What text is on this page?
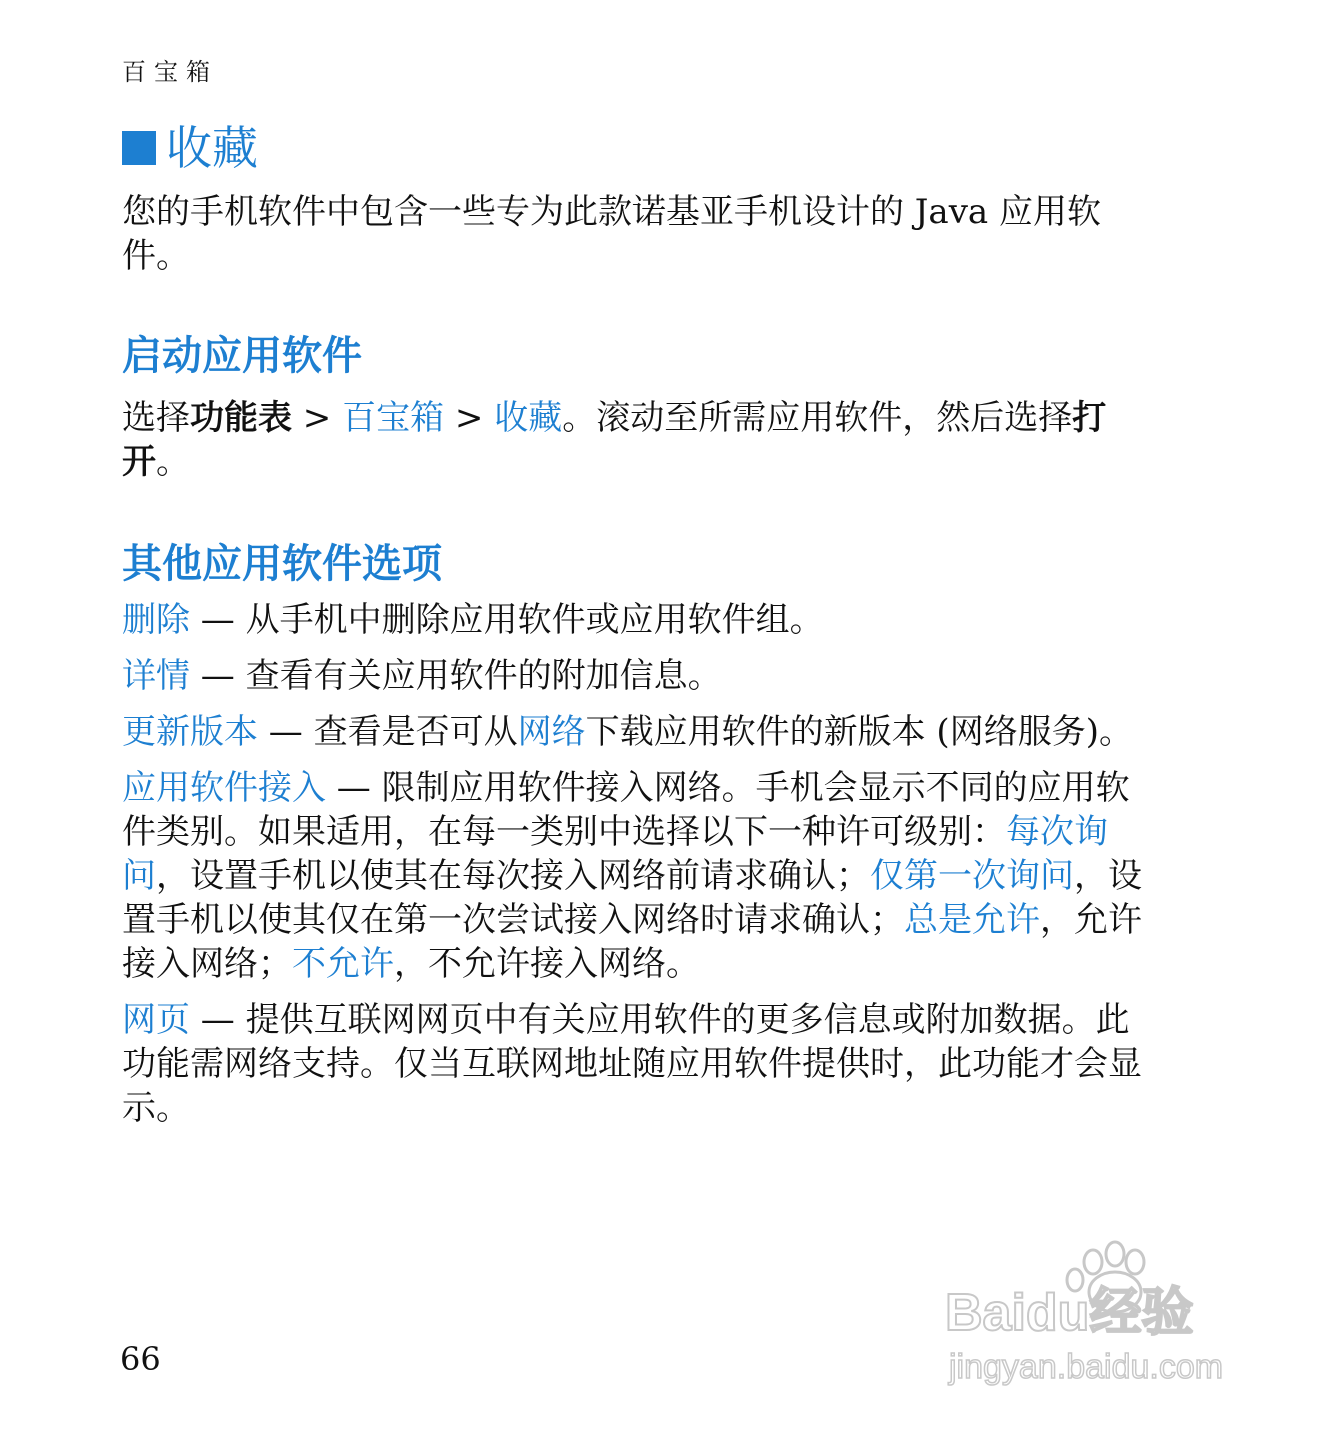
百宝箱
收藏

您的手机软件中包含一些专为此款诺基亚手机设计的 Java 应用软件。

启动应用软件

选择功能表 > 百宝箱 > 收藏。滚动至所需应用软件，然后选择打开。

其他应用软件选项

删除 — 从手机中删除应用软件或应用软件组。

详情 — 查看有关应用软件的附加信息。

更新版本 — 查看是否可从网络下载应用软件的新版本 (网络服务)。

应用软件接入 — 限制应用软件接入网络。手机会显示不同的应用软件类别。如果适用，在每一类别中选择以下一种许可级别：每次询问，设置手机以使其在每次接入网络前请求确认；仅第一次询问，设置手机以使其仅在第一次尝试接入网络时请求确认；总是允许，允许接入网络；不允许，不允许接入网络。

网页 — 提供互联网网页中有关应用软件的更多信息或附加数据。此功能需网络支持。仅当互联网地址随应用软件提供时，此功能才会显示。

66
Baidu经验
jingyan.baidu.com
